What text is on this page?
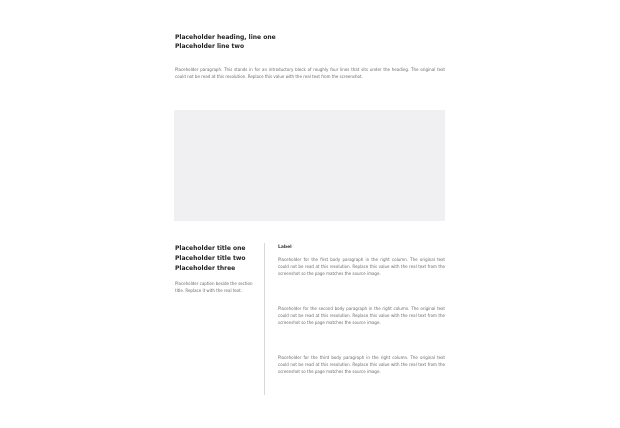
Placeholder heading, line one
Placeholder line two

Placeholder paragraph. This stands in for an introductory block of roughly four lines that sits under the heading. The original text could not be read at this resolution. Replace this value with the real text from the screenshot.

Placeholder title one
Placeholder title two
Placeholder three

Placeholder caption beside the section title. Replace it with the real text.

Label

Placeholder for the first body paragraph in the right column. The original text could not be read at this resolution. Replace this value with the real text from the screenshot so the page matches the source image.

Placeholder for the second body paragraph in the right column. The original text could not be read at this resolution. Replace this value with the real text from the screenshot so the page matches the source image.

Placeholder for the third body paragraph in the right column. The original text could not be read at this resolution. Replace this value with the real text from the screenshot so the page matches the source image.
